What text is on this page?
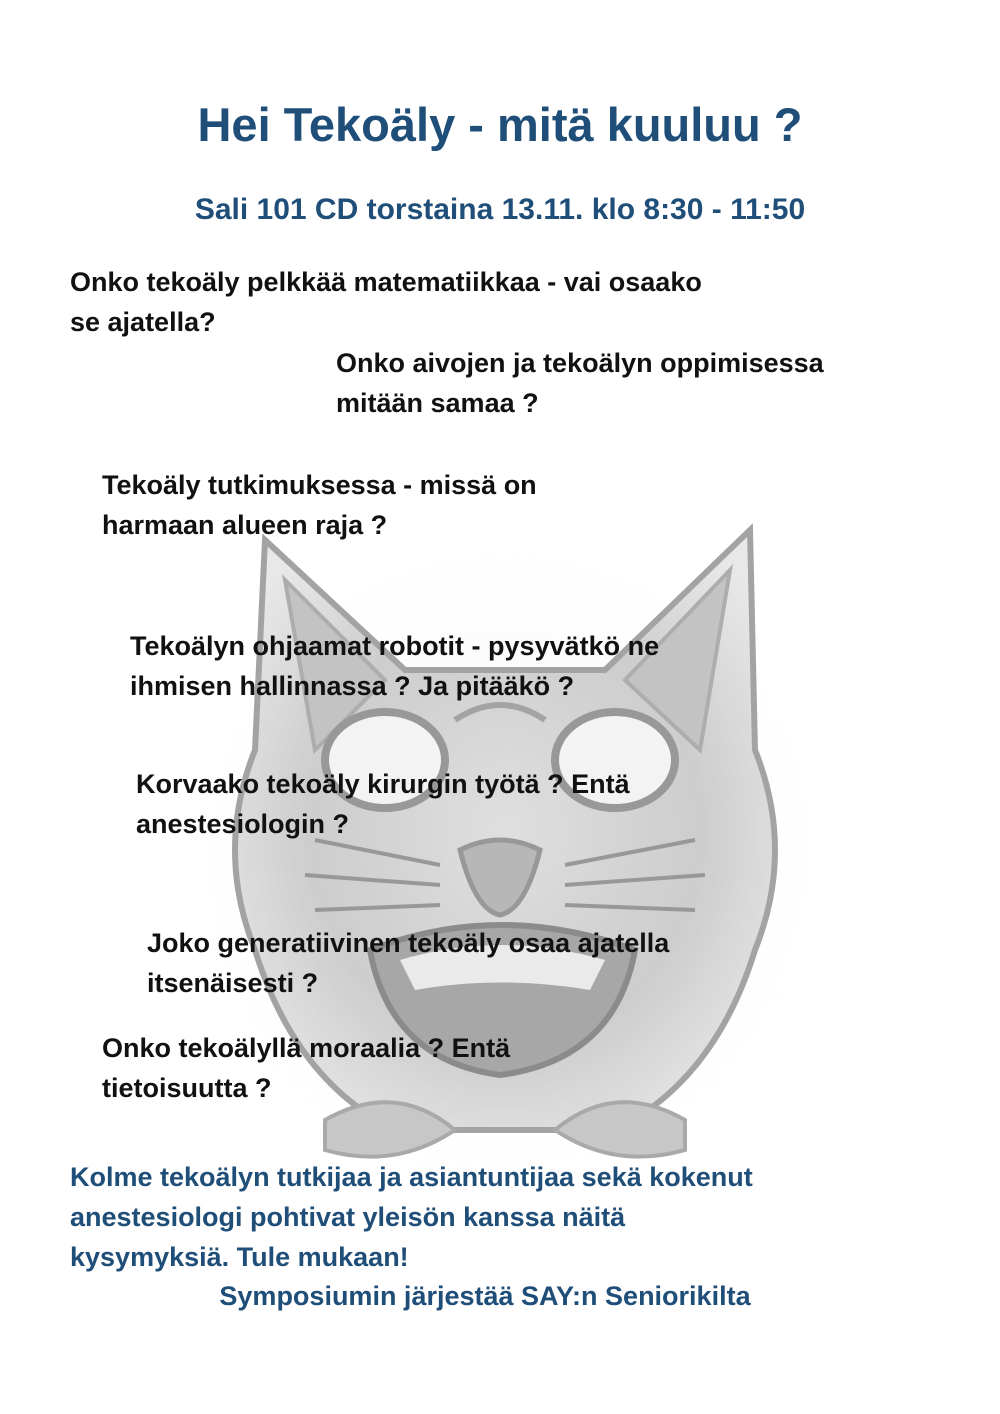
Hei Tekoäly - mitä kuuluu ?

Sali 101 CD torstaina 13.11. klo 8:30 - 11:50

Onko tekoäly pelkkää matematiikkaa - vai osaako
se ajatella?

Onko aivojen ja tekoälyn oppimisessa
mitään samaa ?

Tekoäly tutkimuksessa - missä on
harmaan alueen raja ?

Tekoälyn ohjaamat robotit - pysyvätkö ne
ihmisen hallinnassa ? Ja pitääkö ?

Korvaako tekoäly kirurgin työtä ? Entä
anestesiologin ?

Joko generatiivinen tekoäly osaa ajatella
itsenäisesti ?

Onko tekoälyllä moraalia ? Entä
tietoisuutta ?

Kolme tekoälyn tutkijaa ja asiantuntijaa sekä kokenut
anestesiologi pohtivat yleisön kanssa näitä
kysymyksiä. Tule mukaan!

Symposiumin järjestää SAY:n Seniorikilta
